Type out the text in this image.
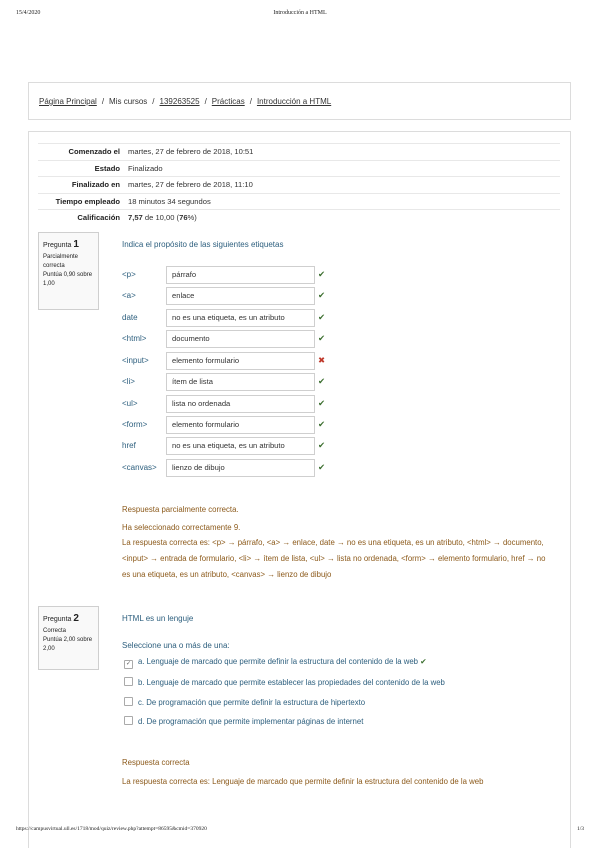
15/4/2020	Introducción a HTML
Página Principal / Mis cursos / 139263525 / Prácticas / Introducción a HTML
Comenzado el	martes, 27 de febrero de 2018, 10:51
Estado	Finalizado
Finalizado en	martes, 27 de febrero de 2018, 11:10
Tiempo empleado	18 minutos 34 segundos
Calificación	7,57 de 10,00 (76%)
Pregunta 1
Parcialmente correcta
Puntúa 0,90 sobre 1,00
Indica el propósito de las siguientes etiquetas
<p>	párrafo	✔
<a>	enlace	✔
date	no es una etiqueta, es un atributo	✔
<html>	documento	✔
<input>	elemento formulario	✖
<li>	ítem de lista	✔
<ul>	lista no ordenada	✔
<form>	elemento formulario	✔
href	no es una etiqueta, es un atributo	✔
<canvas>	lienzo de dibujo	✔
Respuesta parcialmente correcta.
Ha seleccionado correctamente 9.
La respuesta correcta es: <p> → párrafo, <a> → enlace, date → no es una etiqueta, es un atributo, <html> → documento, <input> → entrada de formulario, <li> → ítem de lista, <ul> → lista no ordenada, <form> → elemento formulario, href → no es una etiqueta, es un atributo, <canvas> → lienzo de dibujo
Pregunta 2
Correcta
Puntúa 2,00 sobre 2,00
HTML es un lenguje
Seleccione una o más de una:
✓ a. Lenguaje de marcado que permite definir la estructura del contenido de la web ✔
b. Lenguaje de marcado que permite establecer las propiedades del contenido de la web
c. De programación que permite definir la estructura de hipertexto
d. De programación que permite implementar páginas de internet
Respuesta correcta
La respuesta correcta es: Lenguaje de marcado que permite definir la estructura del contenido de la web
https://campusvirtual.ull.es/1718/mod/quiz/review.php?attempt=86595&cmid=370920	1/3
